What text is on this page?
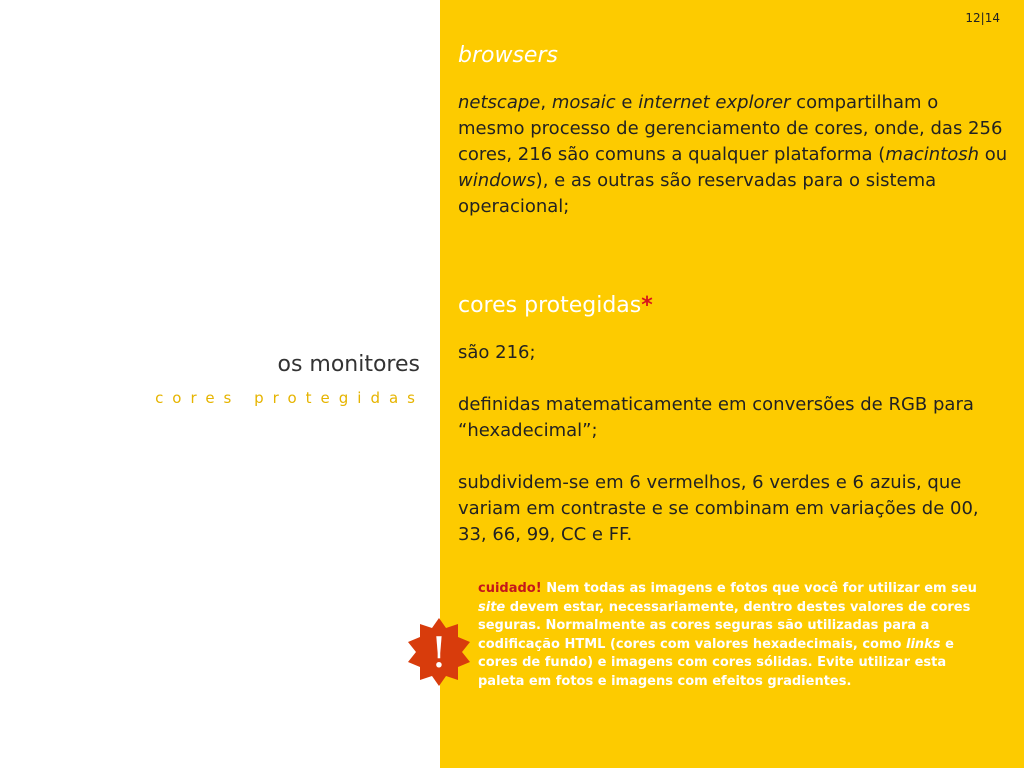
os monitores
cores protegidas
12|14
browsers

netscape, mosaic e internet explorer compartilham o mesmo processo de gerenciamento de cores, onde, das 256 cores, 216 são comuns a qualquer plataforma (macintosh ou windows), e as outras são reservadas para o sistema operacional;

cores protegidas*

são 216;

definidas matematicamente em conversões de RGB para “hexadecimal”;

subdividem-se em 6 vermelhos, 6 verdes e 6 azuis, que variam em contraste e se combinam em variações de 00, 33, 66, 99, CC e FF.

!
cuidado! Nem todas as imagens e fotos que você for utilizar em seu site devem estar, necessariamente, dentro destes valores de cores seguras. Normalmente as cores seguras são utilizadas para a codificação HTML (cores com valores hexadecimais, como links e cores de fundo) e imagens com cores sólidas. Evite utilizar esta paleta em fotos e imagens com efeitos gradientes.
